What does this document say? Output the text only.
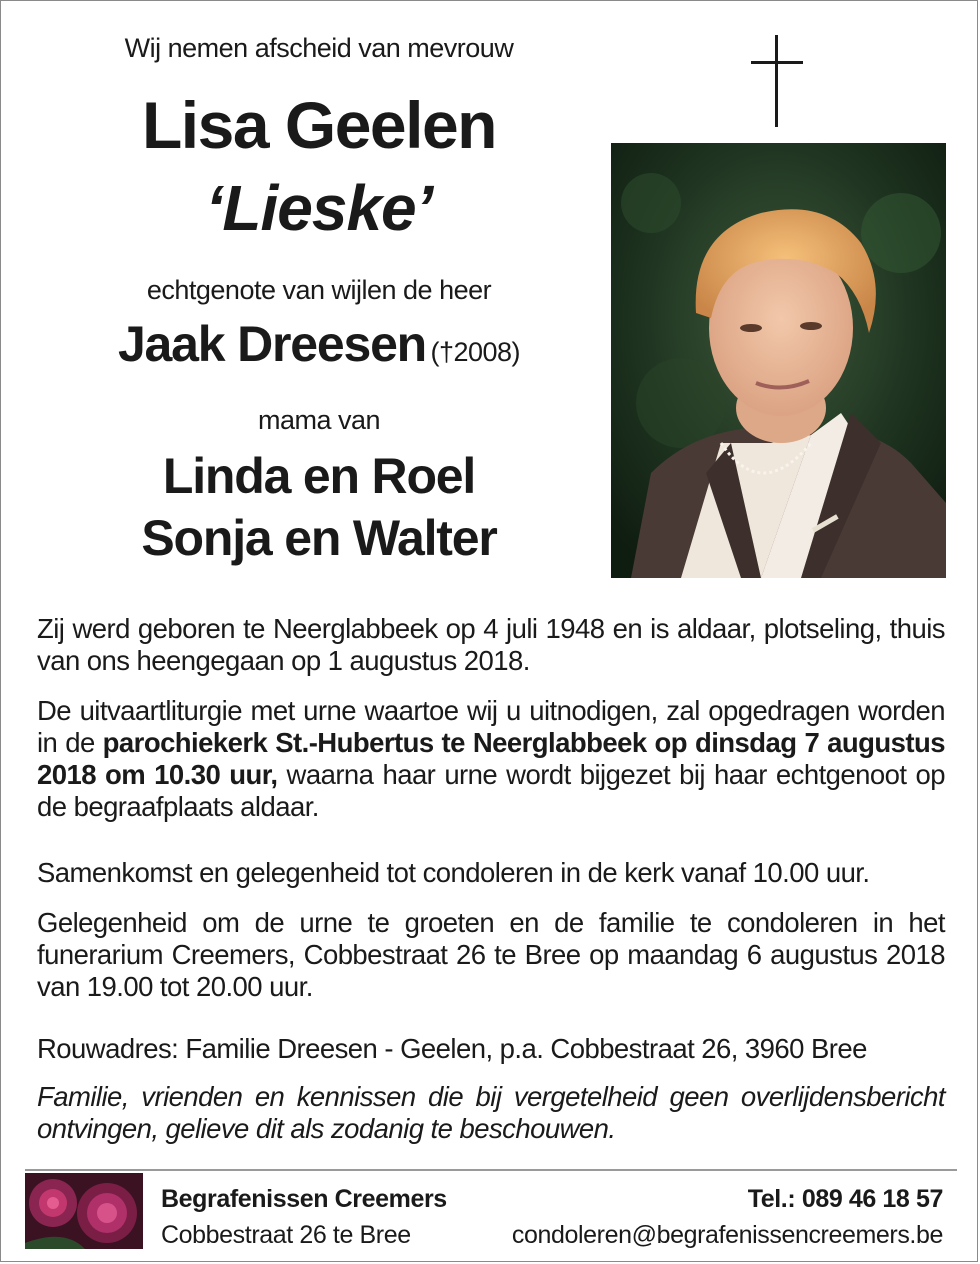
Wij nemen afscheid van mevrouw
Lisa Geelen
‘Lieske’
echtgenote van wijlen de heer
Jaak Dreesen (†2008)
mama van
Linda en Roel
Sonja en Walter
Zij werd geboren te Neerglabbeek op 4 juli 1948 en is aldaar, plotseling, thuis van ons heengegaan op 1 augustus 2018.
De uitvaartliturgie met urne waartoe wij u uitnodigen, zal opgedragen worden in de parochiekerk St.-Hubertus te Neerglabbeek op dinsdag 7 augustus 2018 om 10.30 uur, waarna haar urne wordt bijgezet bij haar echtgenoot op de begraafplaats aldaar.
Samenkomst en gelegenheid tot condoleren in de kerk vanaf 10.00 uur.
Gelegenheid om de urne te groeten en de familie te condoleren in het funerarium Creemers, Cobbestraat 26 te Bree op maandag 6 augustus 2018 van 19.00 tot 20.00 uur.
Rouwadres: Familie Dreesen - Geelen, p.a. Cobbestraat 26, 3960 Bree
Familie, vrienden en kennissen die bij vergetelheid geen overlijdensbericht ontvingen, gelieve dit als zodanig te beschouwen.
Begrafenissen Creemers
Cobbestraat 26 te Bree
Tel.: 089 46 18 57
condoleren@begrafenissencreemers.be
